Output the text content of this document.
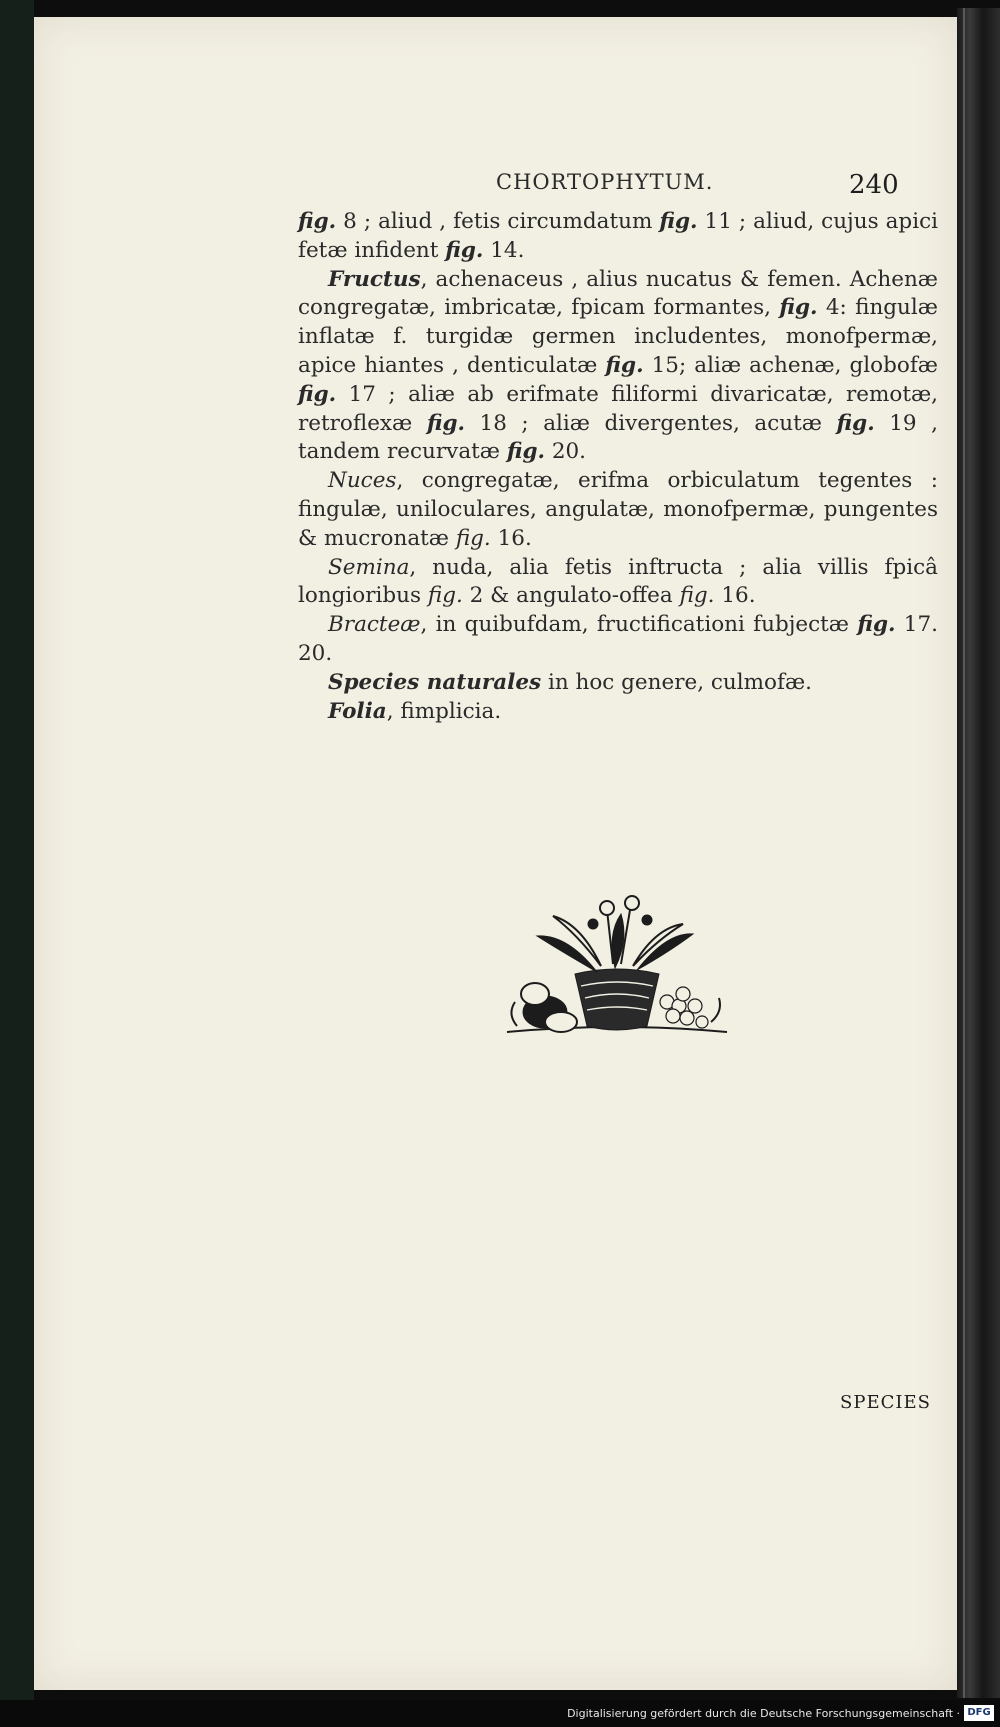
CHORTOPHYTUM.	240

fig. 8 ; aliud , fetis circumdatum fig. 11 ; aliud, cujus apici fetæ infident fig. 14.

Fructus, achenaceus , alius nucatus & femen. Achenæ congregatæ, imbricatæ, fpicam formantes, fig. 4: fingulæ inflatæ f. turgidæ germen includentes, monofpermæ, apice hiantes , denticulatæ fig. 15; aliæ achenæ, globofæ fig. 17 ; aliæ ab erifmate filiformi divaricatæ, remotæ, retroflexæ fig. 18 ; aliæ divergentes, acutæ fig. 19 , tandem recurvatæ fig. 20.

Nuces, congregatæ, erifma orbiculatum tegentes : fingulæ, uniloculares, angulatæ, monofpermæ, pungentes & mucronatæ fig. 16.

Semina, nuda, alia fetis inftructa ; alia villis fpicâ longioribus fig. 2 & angulato-offea fig. 16.

Bracteæ, in quibufdam, fructificationi fubjectæ fig. 17. 20.

Species naturales in hoc genere, culmofæ.

Folia, fimplicia.

SPECIES
Digitalisierung gefördert durch die Deutsche Forschungsgemeinschaft · DFG
